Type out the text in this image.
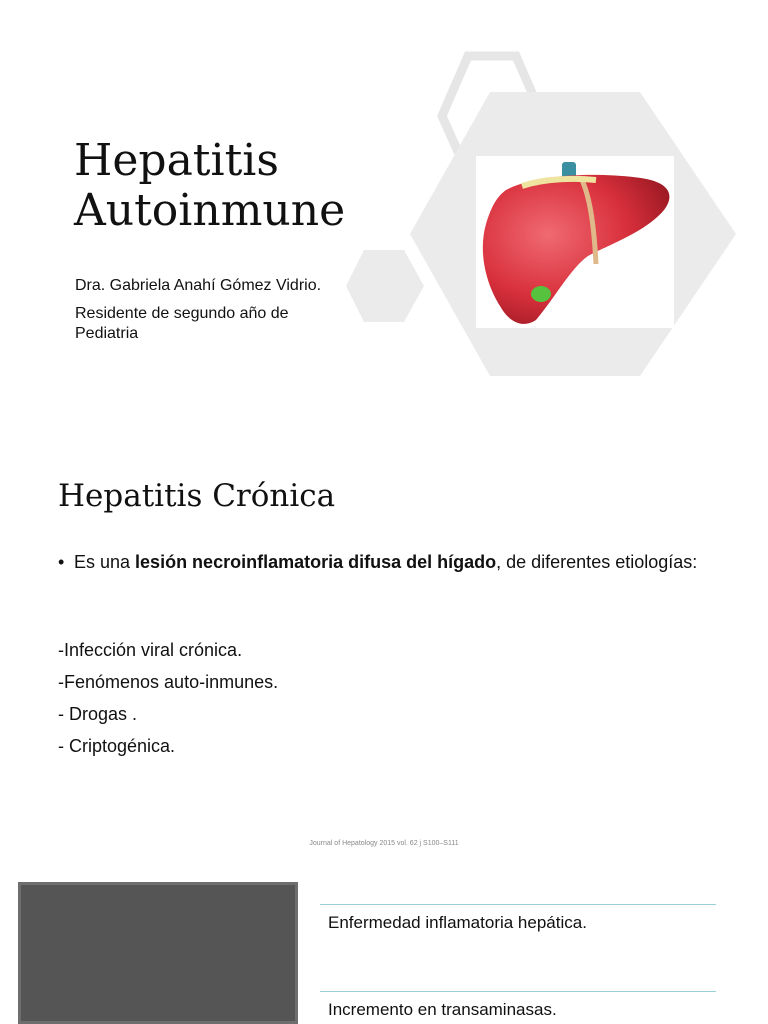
Hepatitis
Autoinmune

Dra. Gabriela Anahí Gómez Vidrio.

Residente de segundo año de Pediatria

Hepatitis Crónica
• Es una lesión necroinflamatoria difusa del hígado, de diferentes etiologías:
-Infección viral crónica.
-Fenómenos auto-inmunes.
- Drogas .
- Criptogénica.
Journal of Hepatology 2015 vol. 62 j S100–S111
Enfermedad inflamatoria hepática.
Incremento en transaminasas.
